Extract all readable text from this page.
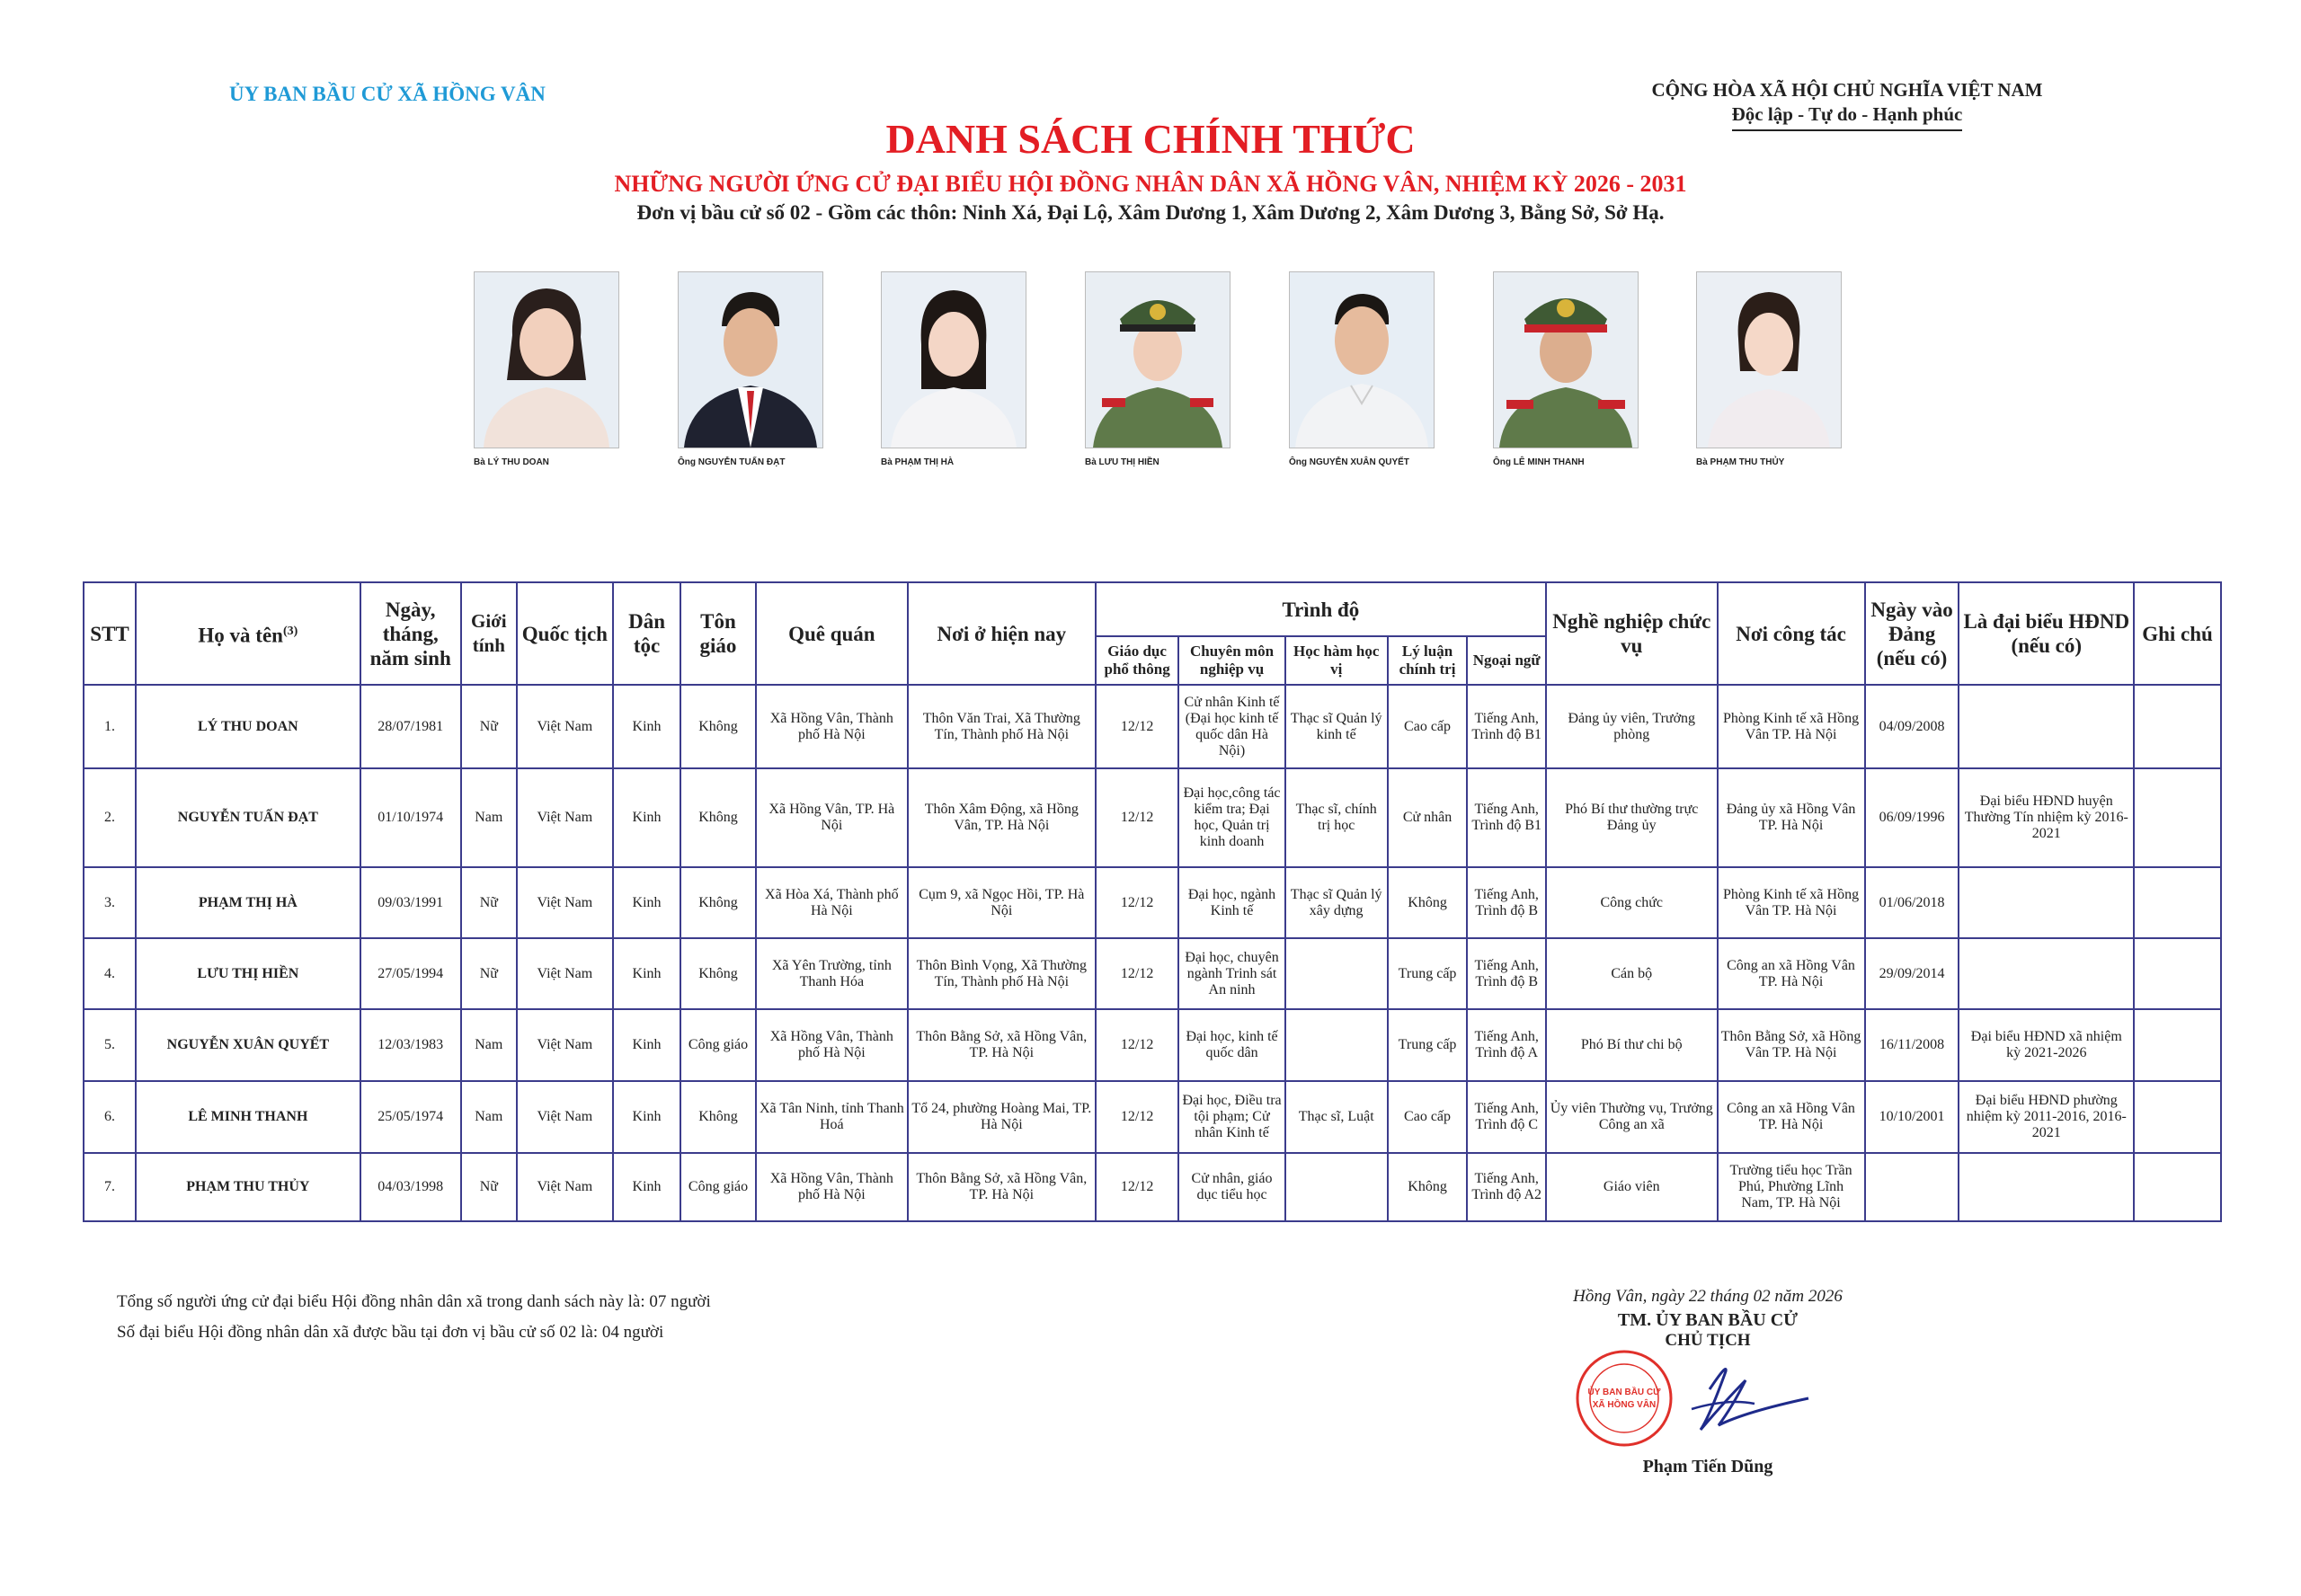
ỦY BAN BẦU CỬ XÃ HỒNG VÂN	CỘNG HÒA XÃ HỘI CHỦ NGHĨA VIỆT NAM
Độc lập - Tự do - Hạnh phúc
DANH SÁCH CHÍNH THỨC
NHỮNG NGƯỜI ỨNG CỬ ĐẠI BIỂU HỘI ĐỒNG NHÂN DÂN XÃ HỒNG VÂN, NHIỆM KỲ 2026 - 2031
Đơn vị bầu cử số 02 - Gồm các thôn: Ninh Xá, Đại Lộ, Xâm Dương 1, Xâm Dương 2, Xâm Dương 3, Bằng Sở, Sở Hạ.
Bà LÝ THU DOAN	Ông NGUYỄN TUẤN ĐẠT	Bà PHẠM THỊ HÀ	Bà LƯU THỊ HIỀN	Ông NGUYỄN XUÂN QUYẾT	Ông LÊ MINH THANH	Bà PHẠM THU THỦY
STT	Họ và tên$^{(3)}$	Ngày, tháng, năm sinh	Giới tính	Quốc tịch	Dân tộc	Tôn giáo	Quê quán	Nơi ở hiện nay	Trình độ					Nghề nghiệp chức vụ	Nơi công tác	Ngày vào Đảng (nếu có)	Là đại biểu HĐND (nếu có)	Ghi chú
									Giáo dục phổ thông	Chuyên môn nghiệp vụ	Học hàm học vị	Lý luận chính trị	Ngoại ngữ					
1.	LÝ THU DOAN	28/07/1981	Nữ	Việt Nam	Kinh	Không	Xã Hồng Vân, Thành phố Hà Nội	Thôn Văn Trai, Xã Thường Tín, Thành phố Hà Nội	12/12	Cử nhân Kinh tế (Đại học kinh tế quốc dân Hà Nội)	Thạc sĩ Quản lý kinh tế	Cao cấp	Tiếng Anh, Trình độ B1	Đảng ủy viên, Trưởng phòng	Phòng Kinh tế xã Hồng Vân TP. Hà Nội	04/09/2008		
2.	NGUYỄN TUẤN ĐẠT	01/10/1974	Nam	Việt Nam	Kinh	Không	Xã Hồng Vân, TP. Hà Nội	Thôn Xâm Động, xã Hồng Vân, TP. Hà Nội	12/12	Đại học,công tác kiểm tra; Đại học, Quản trị kinh doanh	Thạc sĩ, chính trị học	Cử nhân	Tiếng Anh, Trình độ B1	Phó Bí thư thường trực Đảng ủy	Đảng ủy xã Hồng Vân TP. Hà Nội	06/09/1996	Đại biểu HĐND huyện Thường Tín nhiệm kỳ 2016-2021	
3.	PHẠM THỊ HÀ	09/03/1991	Nữ	Việt Nam	Kinh	Không	Xã Hòa Xá, Thành phố Hà Nội	Cụm 9, xã Ngọc Hồi, TP. Hà Nội	12/12	Đại học, ngành Kinh tế	Thạc sĩ Quản lý xây dựng	Không	Tiếng Anh, Trình độ B	Công chức	Phòng Kinh tế xã Hồng Vân TP. Hà Nội	01/06/2018		
4.	LƯU THỊ HIỀN	27/05/1994	Nữ	Việt Nam	Kinh	Không	Xã Yên Trường, tỉnh Thanh Hóa	Thôn Bình Vọng, Xã Thường Tín, Thành phố Hà Nội	12/12	Đại học, chuyên ngành Trinh sát An ninh		Trung cấp	Tiếng Anh, Trình độ B	Cán bộ	Công an xã Hồng Vân TP. Hà Nội	29/09/2014		
5.	NGUYỄN XUÂN QUYẾT	12/03/1983	Nam	Việt Nam	Kinh	Công giáo	Xã Hồng Vân, Thành phố Hà Nội	Thôn Bằng Sở, xã Hồng Vân, TP. Hà Nội	12/12	Đại học, kinh tế quốc dân		Trung cấp	Tiếng Anh, Trình độ A	Phó Bí thư chi bộ	Thôn Bằng Sở, xã Hồng Vân TP. Hà Nội	16/11/2008	Đại biểu HĐND xã nhiệm kỳ 2021-2026	
6.	LÊ MINH THANH	25/05/1974	Nam	Việt Nam	Kinh	Không	Xã Tân Ninh, tỉnh Thanh Hoá	Tổ 24, phường Hoàng Mai, TP. Hà Nội	12/12	Đại học, Điều tra tội phạm; Cử nhân Kinh tế	Thạc sĩ, Luật	Cao cấp	Tiếng Anh, Trình độ C	Ủy viên Thường vụ, Trưởng Công an xã	Công an xã Hồng Vân TP. Hà Nội	10/10/2001	Đại biểu HĐND phường nhiệm kỳ 2011-2016, 2016-2021	
7.	PHẠM THU THỦY	04/03/1998	Nữ	Việt Nam	Kinh	Công giáo	Xã Hồng Vân, Thành phố Hà Nội	Thôn Bằng Sở, xã Hồng Vân, TP. Hà Nội	12/12	Cử nhân, giáo dục tiểu học		Không	Tiếng Anh, Trình độ A2	Giáo viên	Trường tiểu học Trần Phú, Phường Lĩnh Nam, TP. Hà Nội			
Tổng số người ứng cử đại biểu Hội đồng nhân dân xã trong danh sách này là: 07 người
Số đại biểu Hội đồng nhân dân xã được bầu tại đơn vị bầu cử số 02 là: 04 người
Hồng Vân, ngày 22 tháng 02 năm 2026
TM. ỦY BAN BẦU CỬ
CHỦ TỊCH
ỦY BAN BẦU CỬ
XÃ HỒNG VÂN
Phạm Tiến Dũng
